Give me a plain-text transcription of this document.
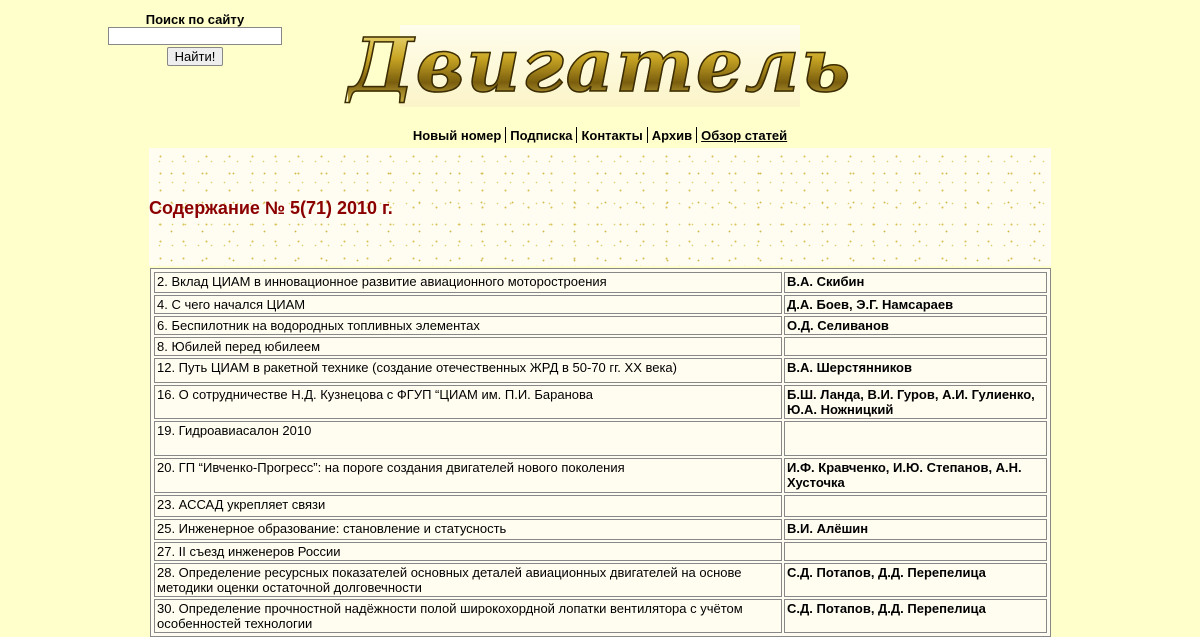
Поиск по сайту
Найти!	Двигатель
Новый номер Подписка Контакты Архив Обзор статей
Содержание № 5(71) 2010 г.
2. Вклад ЦИАМ в инновационное развитие авиационного моторостроения	В.А. Скибин
4. С чего начался ЦИАМ	Д.А. Боев, Э.Г. Намсараев
6. Беспилотник на водородных топливных элементах	О.Д. Селиванов
8. Юбилей перед юбилеем	
12. Путь ЦИАМ в ракетной технике (создание отечественных ЖРД в 50-70 гг. ХХ века)	В.А. Шерстянников
16. О сотрудничестве Н.Д. Кузнецова с ФГУП “ЦИАМ им. П.И. Баранова	Б.Ш. Ланда, В.И. Гуров, А.И. Гулиенко, Ю.А. Ножницкий
19. Гидроавиасалон 2010	
20. ГП “Ивченко-Прогресс”: на пороге создания двигателей нового поколения	И.Ф. Кравченко, И.Ю. Степанов, А.Н. Хусточка
23. АССАД укрепляет связи	
25. Инженерное образование: становление и статусность	В.И. Алёшин
27. II съезд инженеров России	
28. Определение ресурсных показателей основных деталей авиационных двигателей на основе методики оценки остаточной долговечности	С.Д. Потапов, Д.Д. Перепелица
30. Определение прочностной надёжности полой широкохордной лопатки вентилятора с учётом особенностей технологии	С.Д. Потапов, Д.Д. Перепелица
